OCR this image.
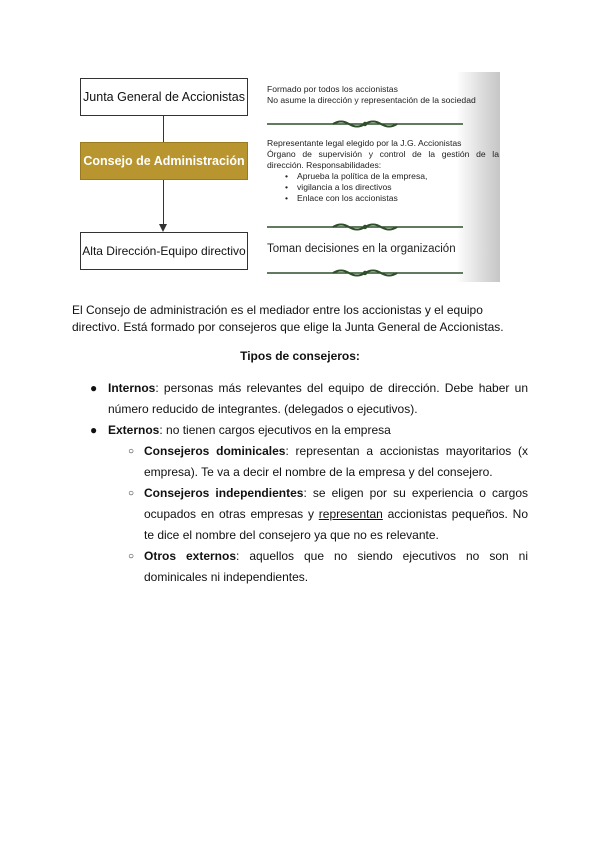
Junta General de Accionistas
Consejo de Administración
Alta Dirección-Equipo directivo
Formado por todos los accionistas
No asume la dirección y representación de la sociedad
Representante legal elegido por la J.G. Accionistas
Órgano de supervisión y control de la gestión de la
dirección. Responsabilidades:
• Aprueba la política de la empresa,
• vigilancia a los directivos
• Enlace con los accionistas
Toman decisiones en la organización
El Consejo de administración es el mediador entre los accionistas y el equipo directivo. Está formado por consejeros que elige la Junta General de Accionistas.
Tipos de consejeros:
● Internos: personas más relevantes del equipo de dirección. Debe haber un número reducido de integrantes. (delegados o ejecutivos).
● Externos: no tienen cargos ejecutivos en la empresa
○ Consejeros dominicales: representan a accionistas mayoritarios (x empresa). Te va a decir el nombre de la empresa y del consejero.
○ Consejeros independientes: se eligen por su experiencia o cargos ocupados en otras empresas y representan accionistas pequeños. No te dice el nombre del consejero ya que no es relevante.
○ Otros externos: aquellos que no siendo ejecutivos no son ni dominicales ni independientes.
